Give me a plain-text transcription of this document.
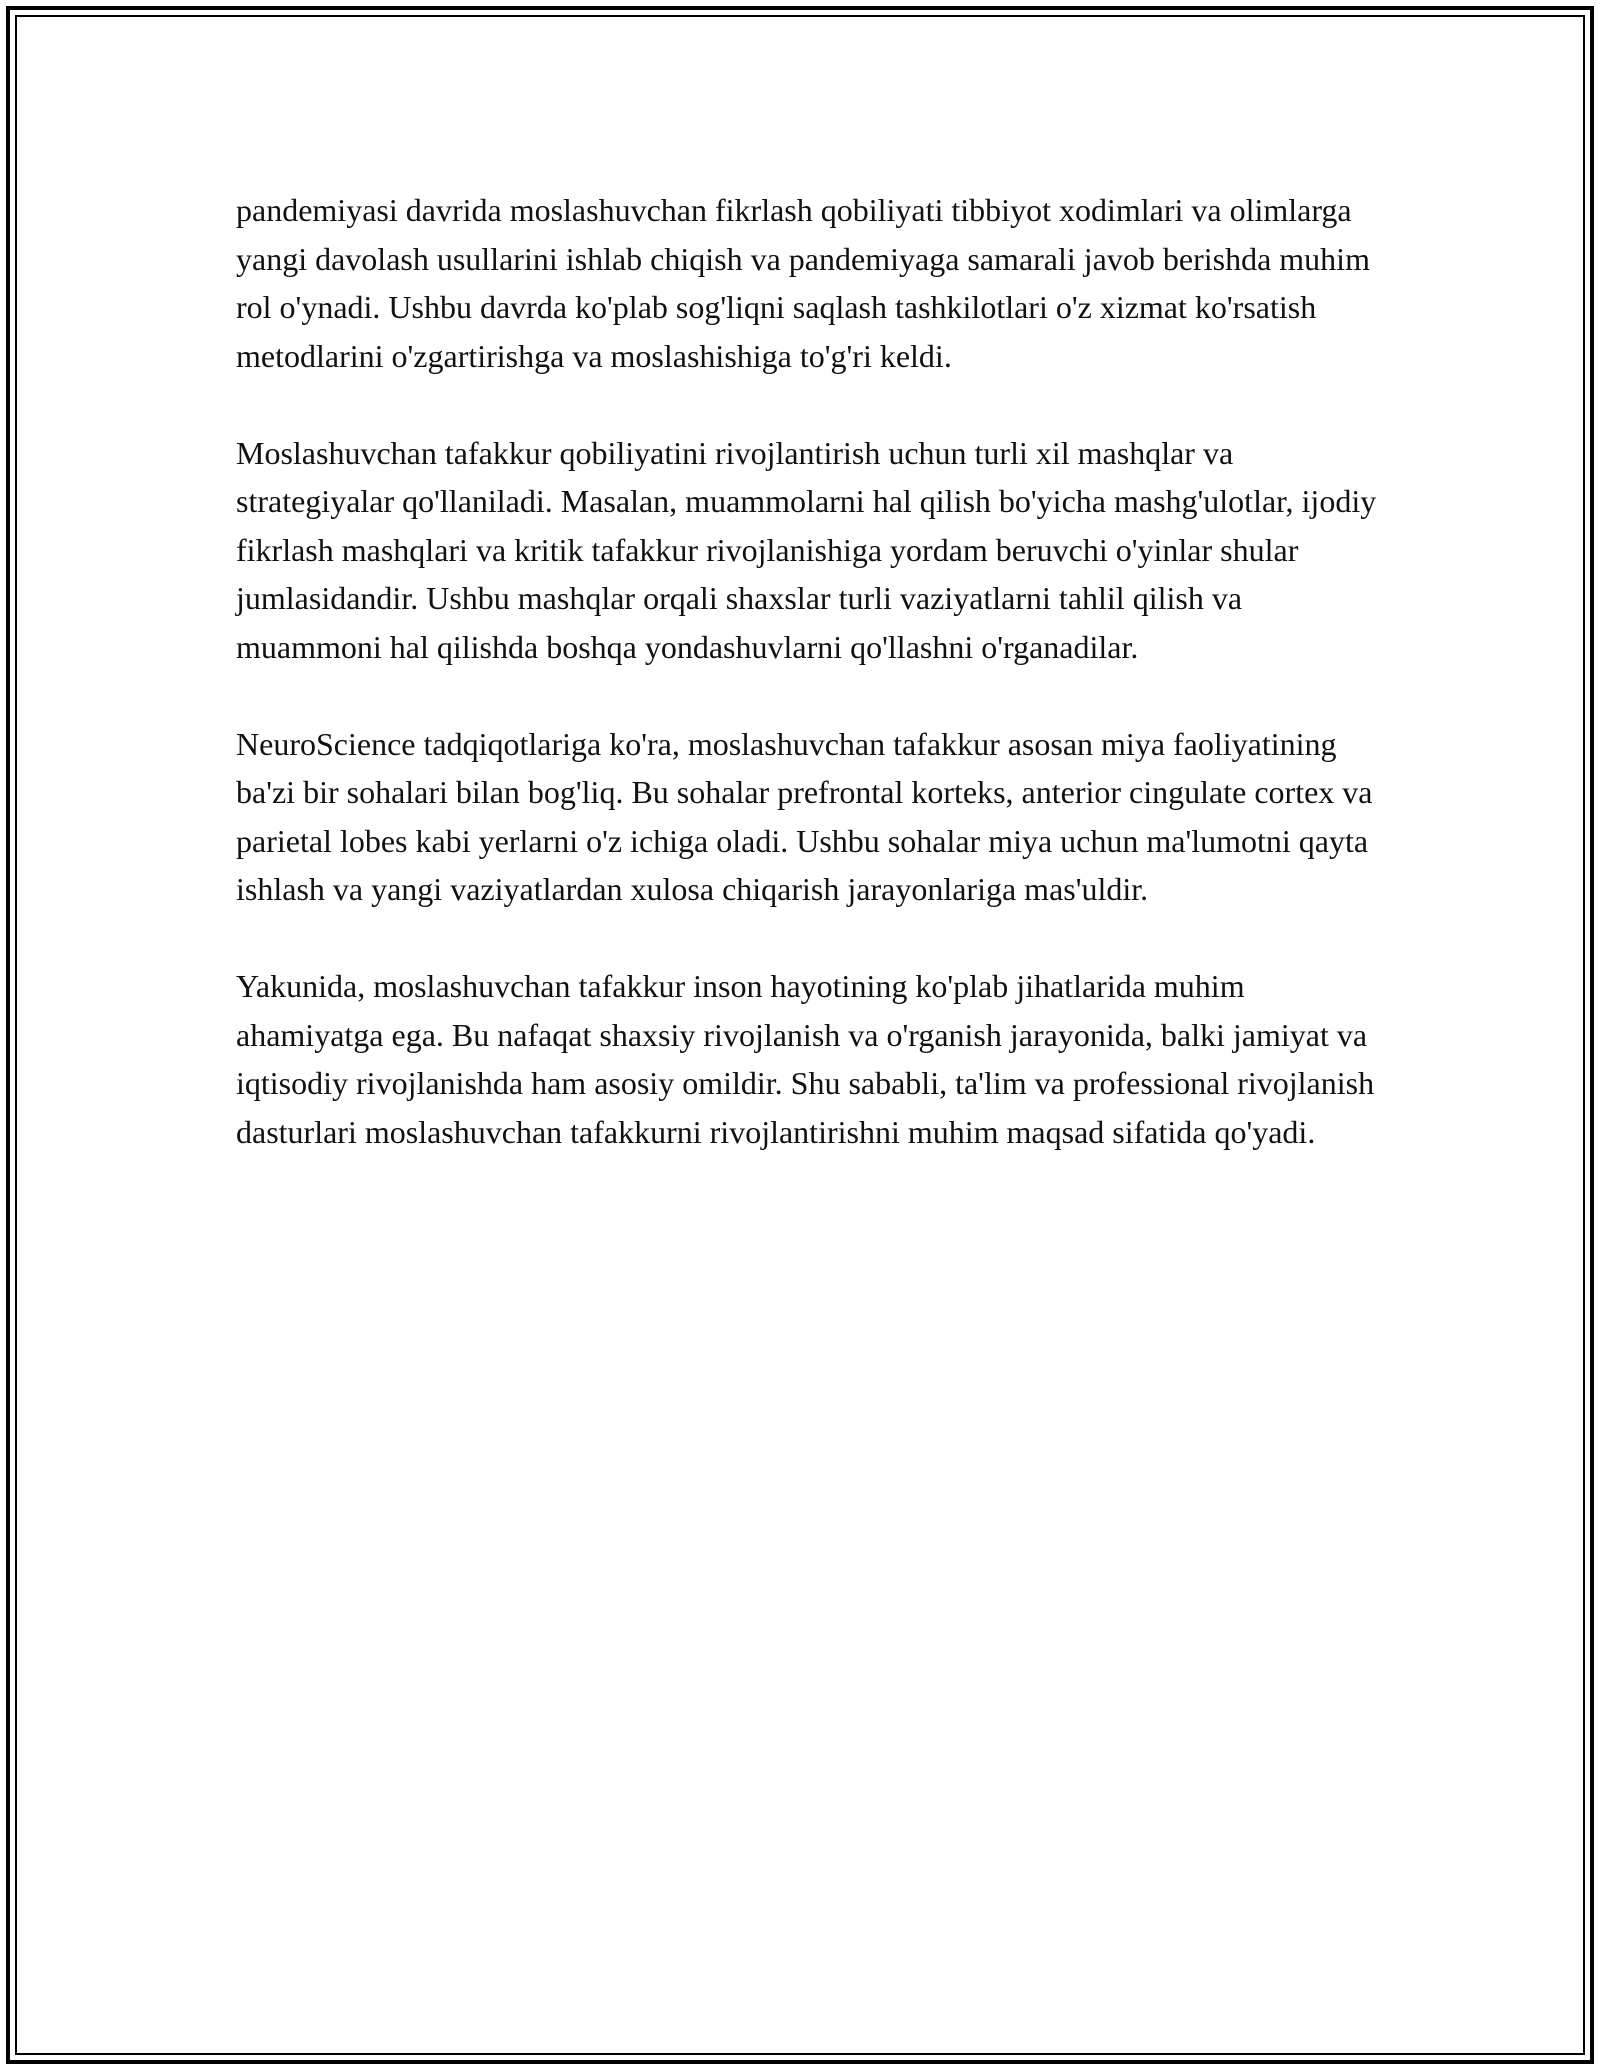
pandemiyasi davrida moslashuvchan fikrlash qobiliyati tibbiyot xodimlari va olimlarga yangi davolash usullarini ishlab chiqish va pandemiyaga samarali javob berishda muhim rol o'ynadi. Ushbu davrda ko'plab sog'liqni saqlash tashkilotlari o'z xizmat ko'rsatish metodlarini o'zgartirishga va moslashishiga to'g'ri keldi.

Moslashuvchan tafakkur qobiliyatini rivojlantirish uchun turli xil mashqlar va strategiyalar qo'llaniladi. Masalan, muammolarni hal qilish bo'yicha mashg'ulotlar, ijodiy fikrlash mashqlari va kritik tafakkur rivojlanishiga yordam beruvchi o'yinlar shular jumlasidandir. Ushbu mashqlar orqali shaxslar turli vaziyatlarni tahlil qilish va muammoni hal qilishda boshqa yondashuvlarni qo'llashni o'rganadilar.

NeuroScience tadqiqotlariga ko'ra, moslashuvchan tafakkur asosan miya faoliyatining ba'zi bir sohalari bilan bog'liq. Bu sohalar prefrontal korteks, anterior cingulate cortex va parietal lobes kabi yerlarni o'z ichiga oladi. Ushbu sohalar miya uchun ma'lumotni qayta ishlash va yangi vaziyatlardan xulosa chiqarish jarayonlariga mas'uldir.

Yakunida, moslashuvchan tafakkur inson hayotining ko'plab jihatlarida muhim ahamiyatga ega. Bu nafaqat shaxsiy rivojlanish va o'rganish jarayonida, balki jamiyat va iqtisodiy rivojlanishda ham asosiy omildir. Shu sababli, ta'lim va professional rivojlanish dasturlari moslashuvchan tafakkurni rivojlantirishni muhim maqsad sifatida qo'yadi.
